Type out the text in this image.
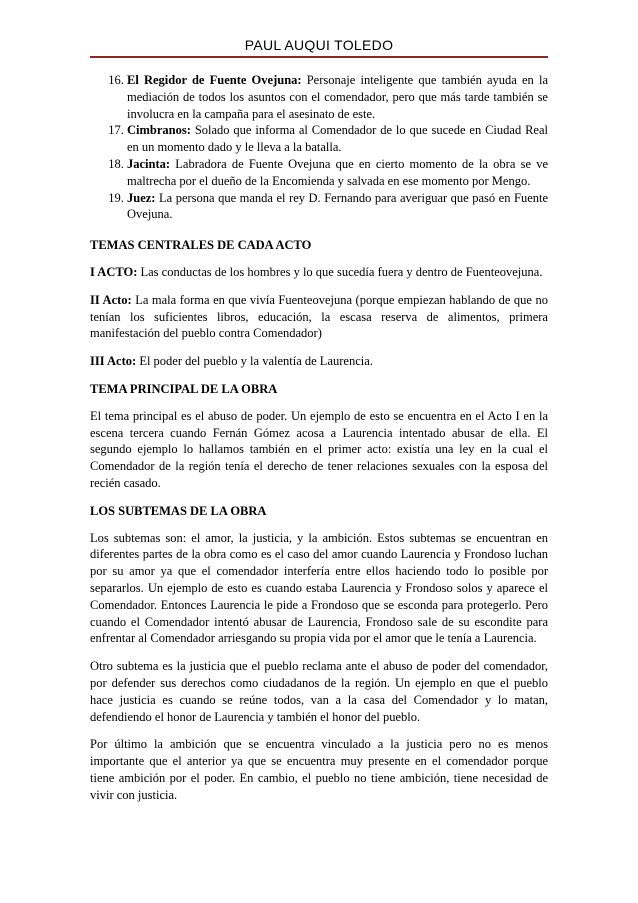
PAUL AUQUI TOLEDO
16. El Regidor de Fuente Ovejuna: Personaje inteligente que también ayuda en la mediación de todos los asuntos con el comendador, pero que más tarde también se involucra en la campaña para el asesinato de este.
17. Cimbranos: Solado que informa al Comendador de lo que sucede en Ciudad Real en un momento dado y le lleva a la batalla.
18. Jacinta: Labradora de Fuente Ovejuna que en cierto momento de la obra se ve maltrecha por el dueño de la Encomienda y salvada en ese momento por Mengo.
19. Juez: La persona que manda el rey D. Fernando para averiguar que pasó en Fuente Ovejuna.
TEMAS CENTRALES DE CADA ACTO

I ACTO: Las conductas de los hombres y lo que sucedía fuera y dentro de Fuenteovejuna.

II Acto: La mala forma en que vivía Fuenteovejuna (porque empiezan hablando de que no tenían los suficientes libros, educación, la escasa reserva de alimentos, primera manifestación del pueblo contra Comendador)

III Acto: El poder del pueblo y la valentía de Laurencia.

TEMA PRINCIPAL DE LA OBRA

El tema principal es el abuso de poder. Un ejemplo de esto se encuentra en el Acto I en la escena tercera cuando Fernán Gómez acosa a Laurencia intentado abusar de ella. El segundo ejemplo lo hallamos también en el primer acto: existía una ley en la cual el Comendador de la región tenía el derecho de tener relaciones sexuales con la esposa del recién casado.

LOS SUBTEMAS DE LA OBRA

Los subtemas son: el amor, la justicia, y la ambición. Estos subtemas se encuentran en diferentes partes de la obra como es el caso del amor cuando Laurencia y Frondoso luchan por su amor ya que el comendador interfería entre ellos haciendo todo lo posible por separarlos. Un ejemplo de esto es cuando estaba Laurencia y Frondoso solos y aparece el Comendador. Entonces Laurencia le pide a Frondoso que se esconda para protegerlo. Pero cuando el Comendador intentó abusar de Laurencia, Frondoso sale de su escondite para enfrentar al Comendador arriesgando su propia vida por el amor que le tenía a Laurencia.

Otro subtema es la justicia que el pueblo reclama ante el abuso de poder del comendador, por defender sus derechos como ciudadanos de la región. Un ejemplo en que el pueblo hace justicia es cuando se reúne todos, van a la casa del Comendador y lo matan, defendiendo el honor de Laurencia y también el honor del pueblo.

Por último la ambición que se encuentra vinculado a la justicia pero no es menos importante que el anterior ya que se encuentra muy presente en el comendador porque tiene ambición por el poder. En cambio, el pueblo no tiene ambición, tiene necesidad de vivir con justicia.
